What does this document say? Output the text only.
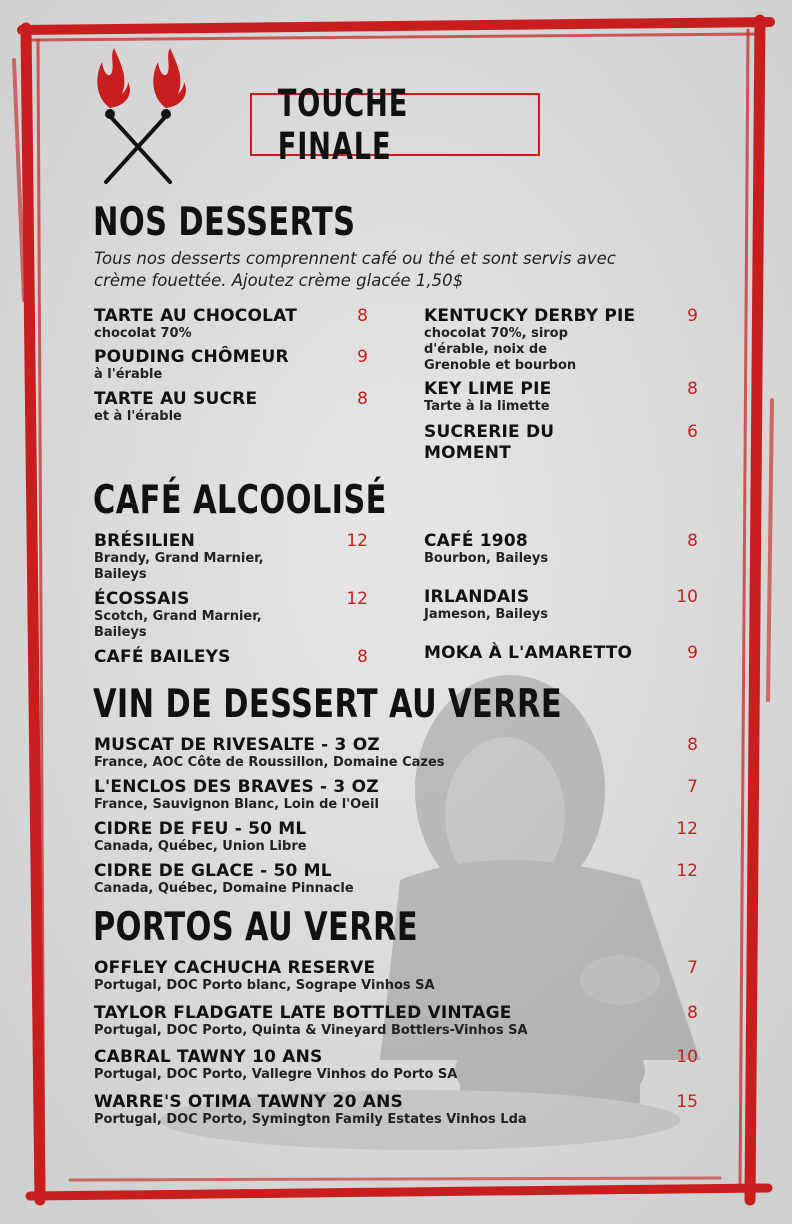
TOUCHE FINALE
NOS DESSERTS

Tous nos desserts comprennent café ou thé et sont servis avec crème fouettée. Ajoutez crème glacée 1,50$

TARTE AU CHOCOLAT
chocolat 70%
8
POUDING CHÔMEUR
à l'érable
9
TARTE AU SUCRE
et à l'érable
8
KENTUCKY DERBY PIE
chocolat 70%, sirop d'érable, noix de Grenoble et bourbon
9
KEY LIME PIE
Tarte à la limette
8
SUCRERIE DU MOMENT
6
CAFÉ ALCOOLISÉ
BRÉSILIEN
Brandy, Grand Marnier, Baileys
12
ÉCOSSAIS
Scotch, Grand Marnier, Baileys
12
CAFÉ BAILEYS	8
CAFÉ 1908
Bourbon, Baileys
8
IRLANDAIS
Jameson, Baileys
10
MOKA À L'AMARETTO	9
VIN DE DESSERT AU VERRE
MUSCAT DE RIVESALTE - 3 OZ
France, AOC Côte de Roussillon, Domaine Cazes
8
L'ENCLOS DES BRAVES - 3 OZ
France, Sauvignon Blanc, Loin de l'Oeil
7
CIDRE DE FEU - 50 ML
Canada, Québec, Union Libre
12
CIDRE DE GLACE - 50 ML
Canada, Québec, Domaine Pinnacle
12
PORTOS AU VERRE
OFFLEY CACHUCHA RESERVE
Portugal, DOC Porto blanc, Sogrape Vinhos SA
7
TAYLOR FLADGATE LATE BOTTLED VINTAGE
Portugal, DOC Porto, Quinta & Vineyard Bottlers-Vinhos SA
8
CABRAL TAWNY 10 ANS
Portugal, DOC Porto, Vallegre Vinhos do Porto SA
10
WARRE'S OTIMA TAWNY 20 ANS
Portugal, DOC Porto, Symington Family Estates Vinhos Lda
15
